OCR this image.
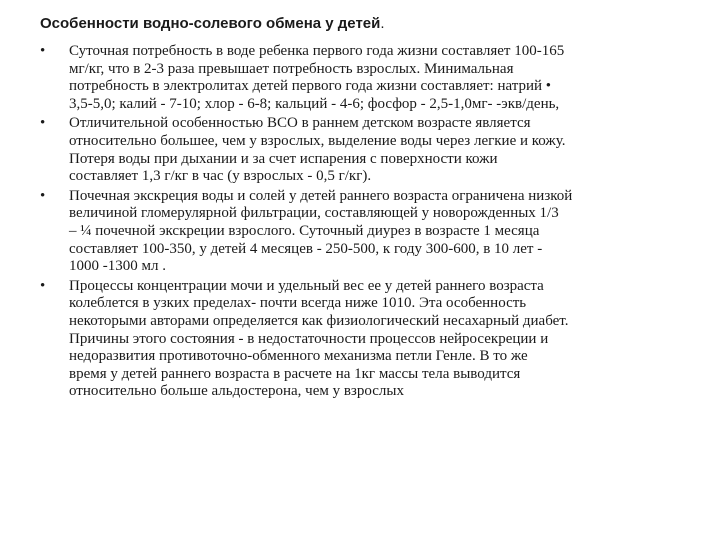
Особенности водно-солевого обмена у детей.
• Суточная потребность в воде ребенка первого года жизни составляет 100-165
мг/кг, что в 2-3 раза превышает потребность взрослых. Минимальная
потребность в электролитах детей первого года жизни составляет: натрий •
3,5-5,0; калий - 7-10; хлор - 6-8; кальций - 4-6; фосфор - 2,5-1,0мг- -экв/день,
• Отличительной особенностью ВСО в раннем детском возрасте является
относительно большее, чем у взрослых, выделение воды через легкие и кожу.
Потеря воды при дыхании и за счет испарения с поверхности кожи
составляет 1,3 г/кг в час (у взрослых - 0,5 г/кг).
• Почечная экскреция воды и солей у детей раннего возраста ограничена низкой
величиной гломерулярной фильтрации, составляющей у новорожденных 1/3
– ¼ почечной экскреции взрослого. Суточный диурез в возрасте 1 месяца
составляет 100-350, у детей 4 месяцев - 250-500, к году 300-600, в 10 лет -
1000 -1300 мл .
• Процессы концентрации мочи и удельный вес ее у детей раннего возраста
колеблется в узких пределах- почти всегда ниже 1010. Эта особенность
некоторыми авторами определяется как физиологический несахарный диабет.
Причины этого состояния - в недостаточности процессов нейросекреции и
недоразвития противоточно-обменного механизма петли Генле. В то же
время у детей раннего возраста в расчете на 1кг массы тела выводится
относительно больше альдостерона, чем у взрослых
